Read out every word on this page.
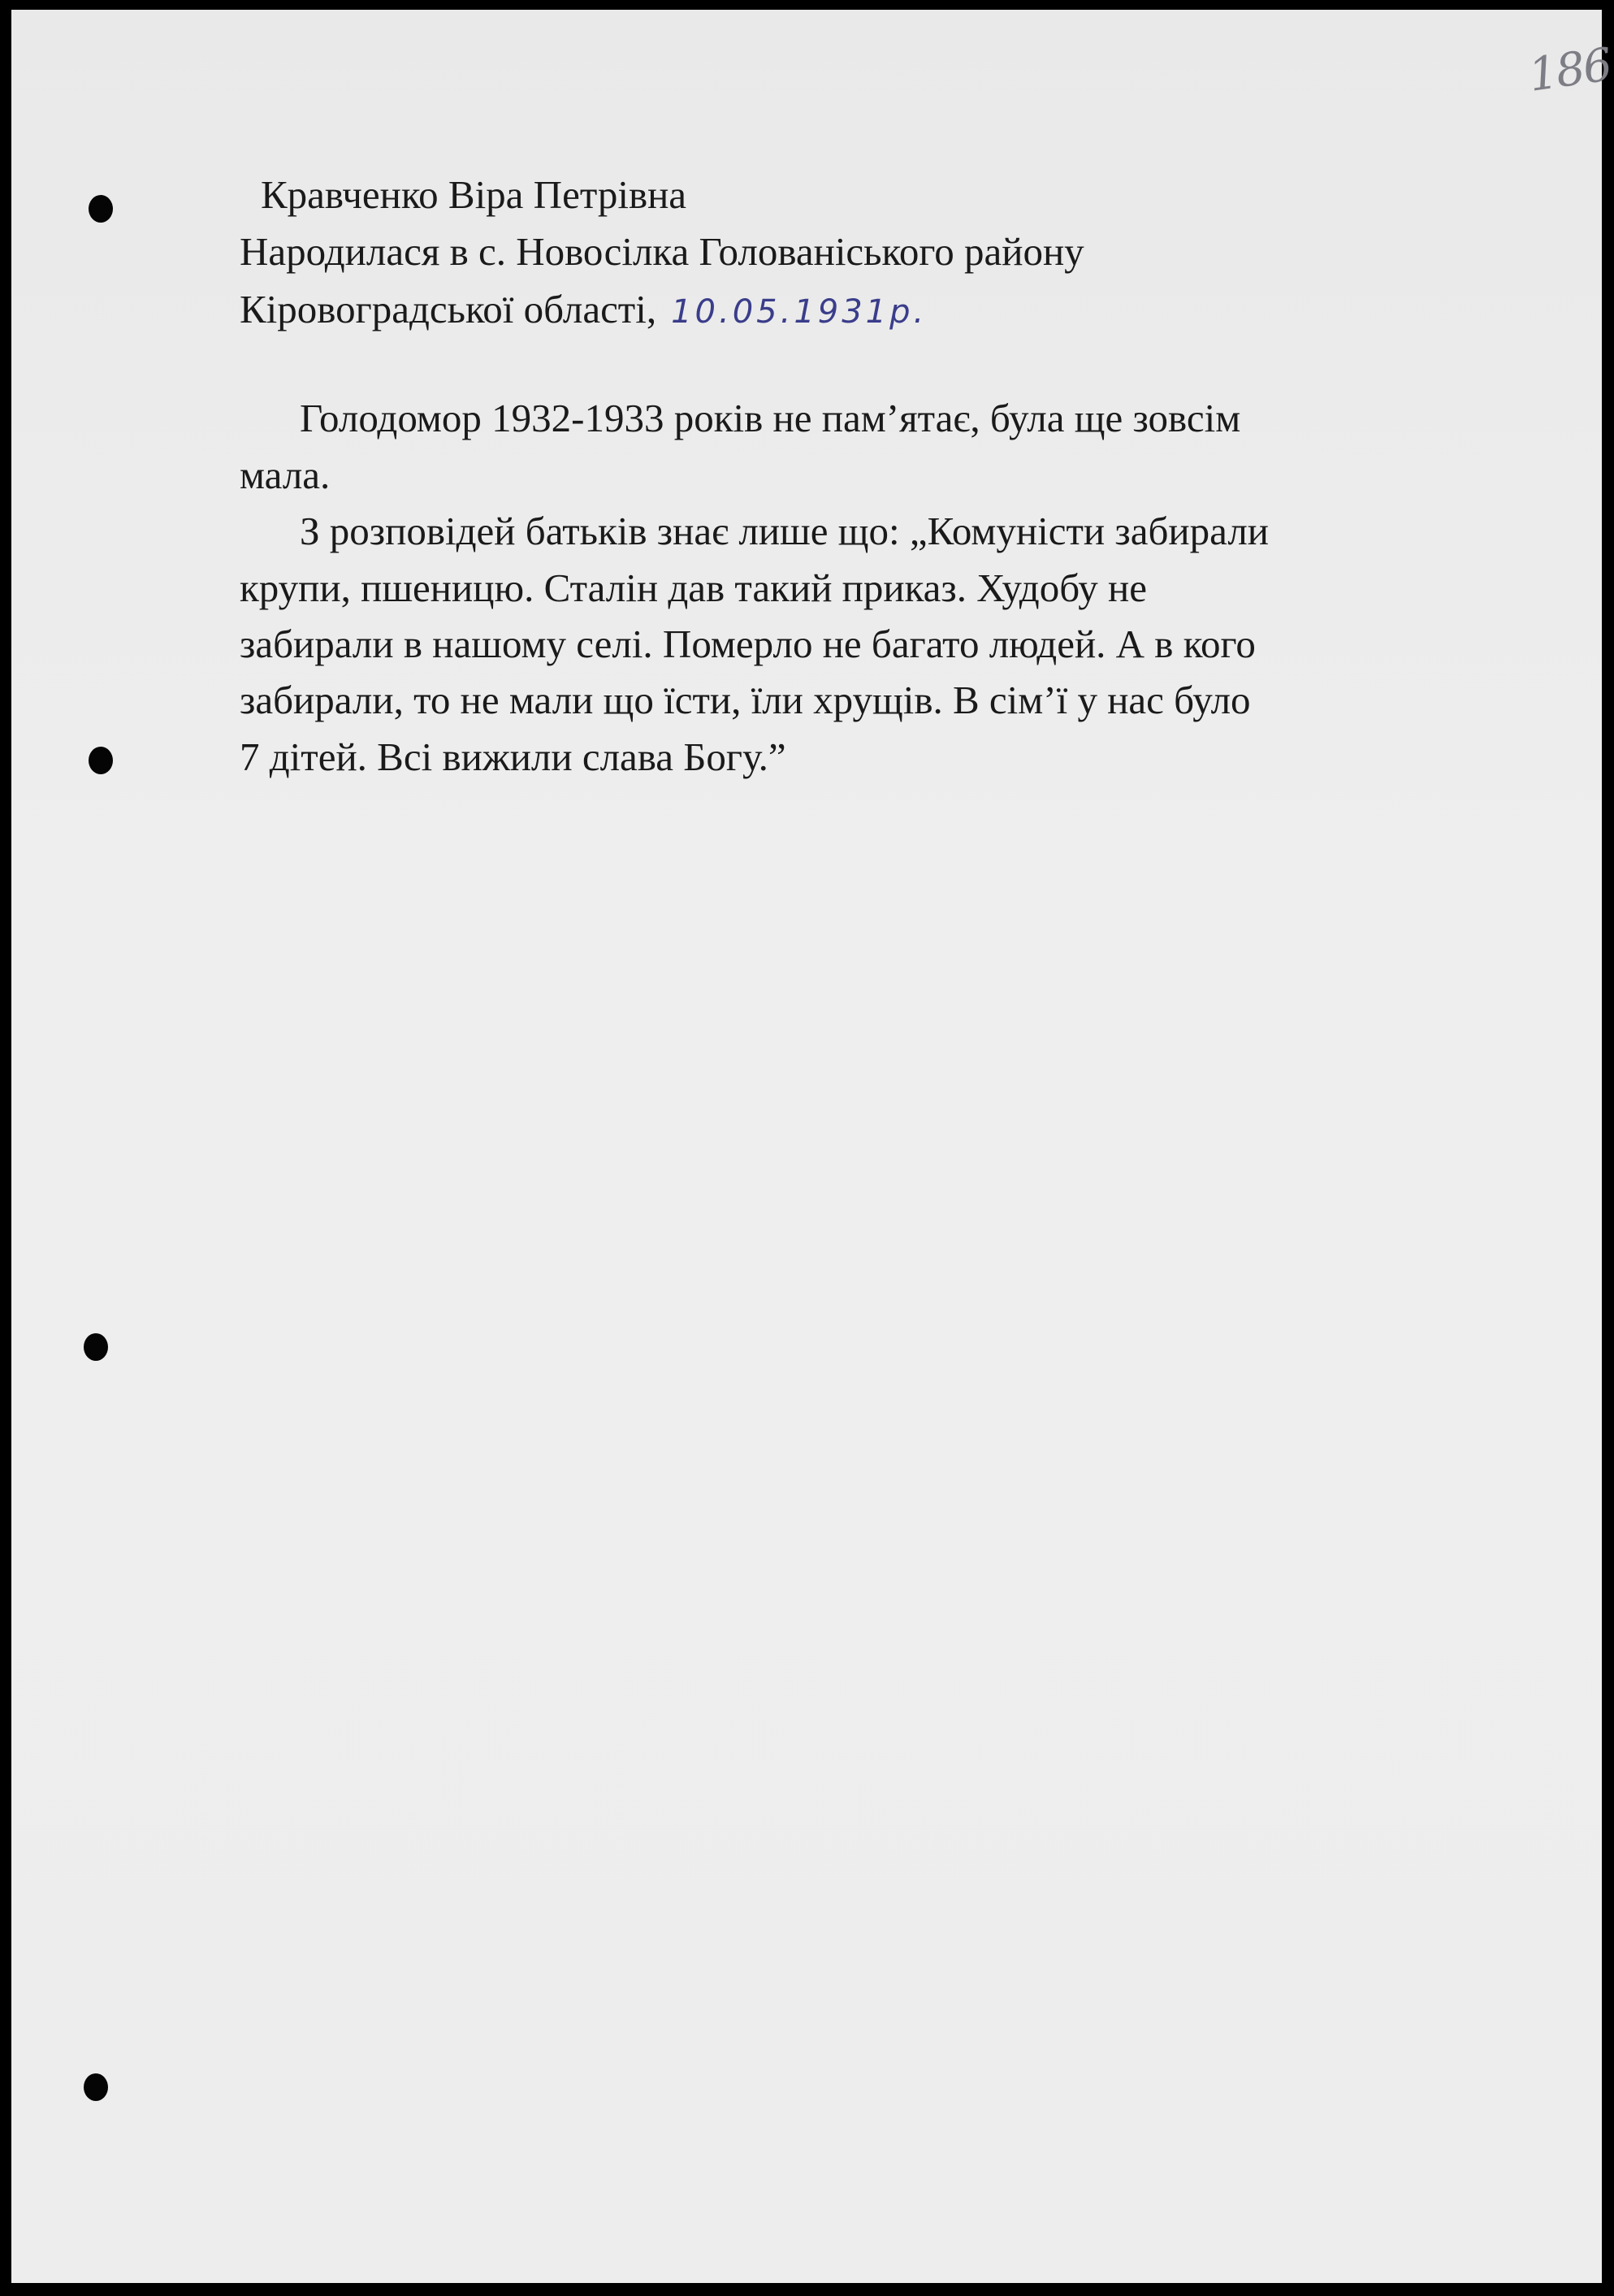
186
Кравченко Віра Петрівна
Народилася в с. Новосілка Голованіського району
Кіровоградської області, 10.05.1931р.
Голодомор 1932-1933 років не пам’ятає, була ще зовсім
мала.
З розповідей батьків знає лише що: „Комуністи забирали
крупи, пшеницю. Сталін дав такий приказ. Худобу не
забирали в нашому селі. Померло не багато людей. А в кого
забирали, то не мали що їсти, їли хрущів. В сім’ї у нас було
7 дітей. Всі вижили слава Богу.”
